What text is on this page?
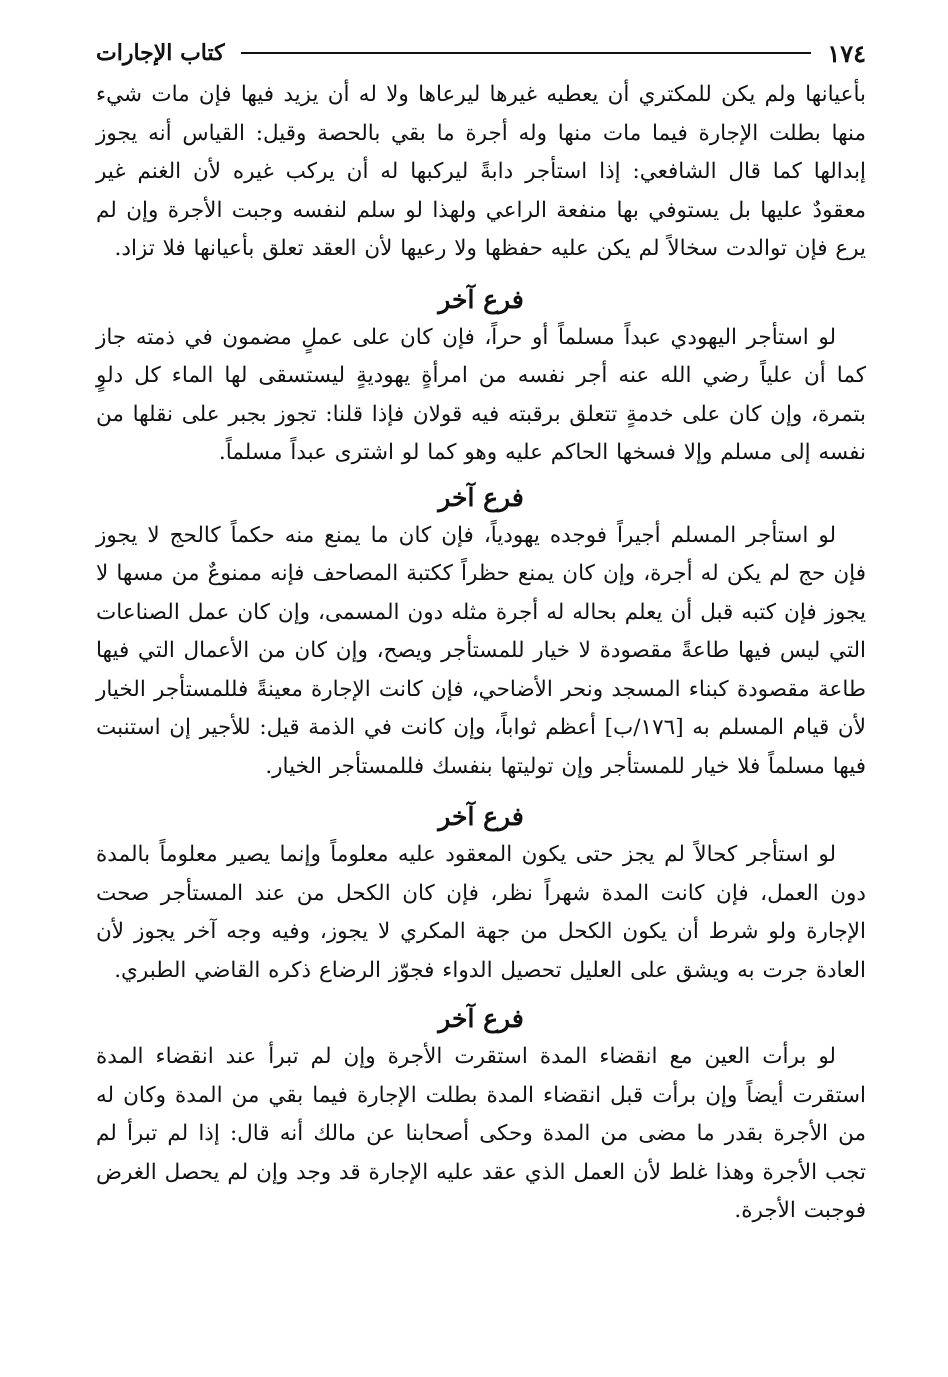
١٧٤
كتاب الإجارات

بأعيانها ولم يكن للمكتري أن يعطيه غيرها ليرعاها ولا له أن يزيد فيها فإن مات شيء منها بطلت الإجارة فيما مات منها وله أجرة ما بقي بالحصة وقيل: القياس أنه يجوز إبدالها كما قال الشافعي: إذا استأجر دابةً ليركبها له أن يركب غيره لأن الغنم غير معقودٌ عليها بل يستوفي بها منفعة الراعي ولهذا لو سلم لنفسه وجبت الأجرة وإن لم يرع فإن توالدت سخالاً لم يكن عليه حفظها ولا رعيها لأن العقد تعلق بأعيانها فلا تزاد.

فرع آخر

لو استأجر اليهودي عبداً مسلماً أو حراً، فإن كان على عملٍ مضمون في ذمته جاز كما أن علياً رضي الله عنه أجر نفسه من امرأةٍ يهوديةٍ ليستسقى لها الماء كل دلوٍ بتمرة، وإن كان على خدمةٍ تتعلق برقبته فيه قولان فإذا قلنا: تجوز بجبر على نقلها من نفسه إلى مسلم وإلا فسخها الحاكم عليه وهو كما لو اشترى عبداً مسلماً.

فرع آخر

لو استأجر المسلم أجيراً فوجده يهودياً، فإن كان ما يمنع منه حكماً كالحج لا يجوز فإن حج لم يكن له أجرة، وإن كان يمنع حظراً ككتبة المصاحف فإنه ممنوعٌ من مسها لا يجوز فإن كتبه قبل أن يعلم بحاله له أجرة مثله دون المسمى، وإن كان عمل الصناعات التي ليس فيها طاعةً مقصودة لا خيار للمستأجر ويصح، وإن كان من الأعمال التي فيها طاعة مقصودة كبناء المسجد ونحر الأضاحي، فإن كانت الإجارة معينةً فللمستأجر الخيار لأن قيام المسلم به [١٧٦/ب] أعظم ثواباً، وإن كانت في الذمة قيل: للأجير إن استنبت فيها مسلماً فلا خيار للمستأجر وإن توليتها بنفسك فللمستأجر الخيار.

فرع آخر

لو استأجر كحالاً لم يجز حتى يكون المعقود عليه معلوماً وإنما يصير معلوماً بالمدة دون العمل، فإن كانت المدة شهراً نظر، فإن كان الكحل من عند المستأجر صحت الإجارة ولو شرط أن يكون الكحل من جهة المكري لا يجوز، وفيه وجه آخر يجوز لأن العادة جرت به ويشق على العليل تحصيل الدواء فجوّز الرضاع ذكره القاضي الطبري.

فرع آخر

لو برأت العين مع انقضاء المدة استقرت الأجرة وإن لم تبرأ عند انقضاء المدة استقرت أيضاً وإن برأت قبل انقضاء المدة بطلت الإجارة فيما بقي من المدة وكان له من الأجرة بقدر ما مضى من المدة وحكى أصحابنا عن مالك أنه قال: إذا لم تبرأ لم تجب الأجرة وهذا غلط لأن العمل الذي عقد عليه الإجارة قد وجد وإن لم يحصل الغرض فوجبت الأجرة.
